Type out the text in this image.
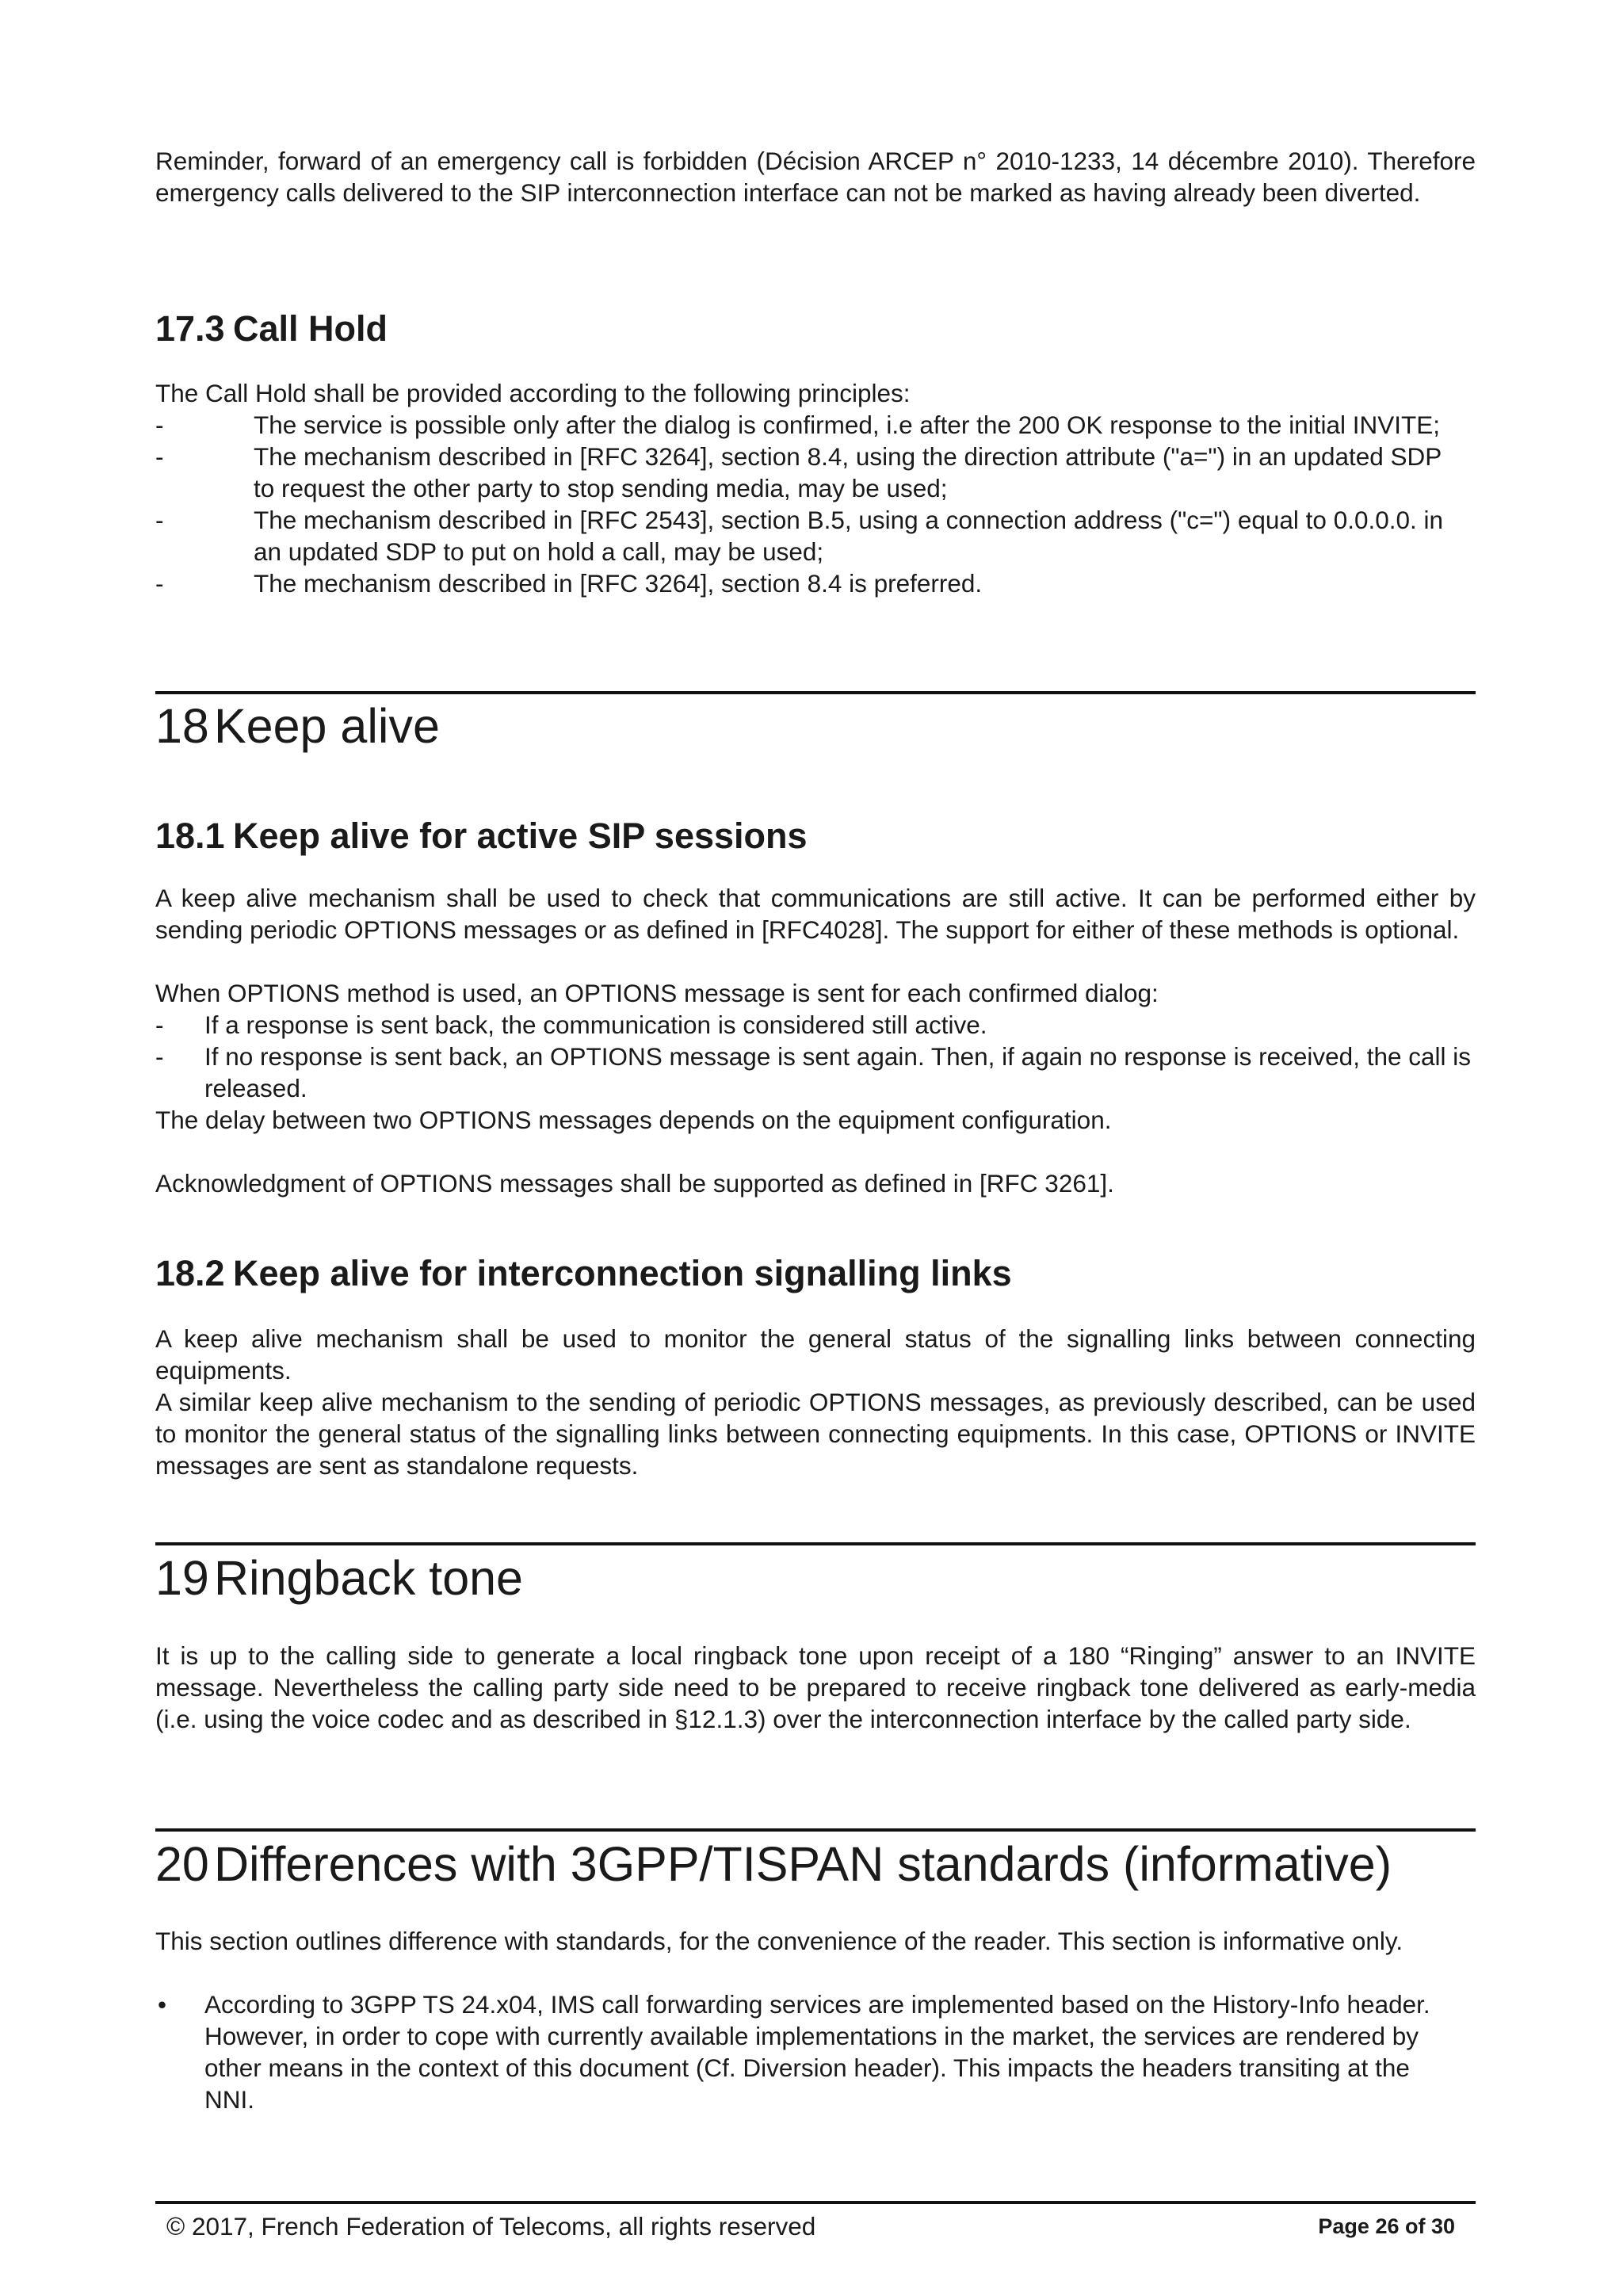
Reminder, forward of an emergency call is forbidden (Décision ARCEP n° 2010-1233, 14 décembre 2010). Therefore emergency calls delivered to the SIP interconnection interface can not be marked as having already been diverted.

17.3 Call Hold

The Call Hold shall be provided according to the following principles:

-	The service is possible only after the dialog is confirmed, i.e after the 200 OK response to the initial INVITE;
-	The mechanism described in [RFC 3264], section 8.4, using the direction attribute ("a=") in an updated SDP to request the other party to stop sending media, may be used;
-	The mechanism described in [RFC 2543], section B.5, using a connection address ("c=") equal to 0.0.0.0. in an updated SDP to put on hold a call, may be used;
-	The mechanism described in [RFC 3264], section 8.4 is preferred.
18 Keep alive
18.1 Keep alive for active SIP sessions

A keep alive mechanism shall be used to check that communications are still active. It can be performed either by sending periodic OPTIONS messages or as defined in [RFC4028]. The support for either of these methods is optional.

When OPTIONS method is used, an OPTIONS message is sent for each confirmed dialog:

- If a response is sent back, the communication is considered still active.
- If no response is sent back, an OPTIONS message is sent again. Then, if again no response is received, the call is released.

The delay between two OPTIONS messages depends on the equipment configuration.

Acknowledgment of OPTIONS messages shall be supported as defined in [RFC 3261].

18.2 Keep alive for interconnection signalling links

A keep alive mechanism shall be used to monitor the general status of the signalling links between connecting equipments.

A similar keep alive mechanism to the sending of periodic OPTIONS messages, as previously described, can be used to monitor the general status of the signalling links between connecting equipments. In this case, OPTIONS or INVITE messages are sent as standalone requests.

19 Ringback tone

It is up to the calling side to generate a local ringback tone upon receipt of a 180 “Ringing” answer to an INVITE message. Nevertheless the calling party side need to be prepared to receive ringback tone delivered as early-media (i.e. using the voice codec and as described in §12.1.3) over the interconnection interface by the called party side.

20 Differences with 3GPP/TISPAN standards (informative)

This section outlines difference with standards, for the convenience of the reader. This section is informative only.

• According to 3GPP TS 24.x04, IMS call forwarding services are implemented based on the History-Info header. However, in order to cope with currently available implementations in the market, the services are rendered by other means in the context of this document (Cf. Diversion header). This impacts the headers transiting at the NNI.
© 2017, French Federation of Telecoms, all rights reserved	Page 26 of 30
